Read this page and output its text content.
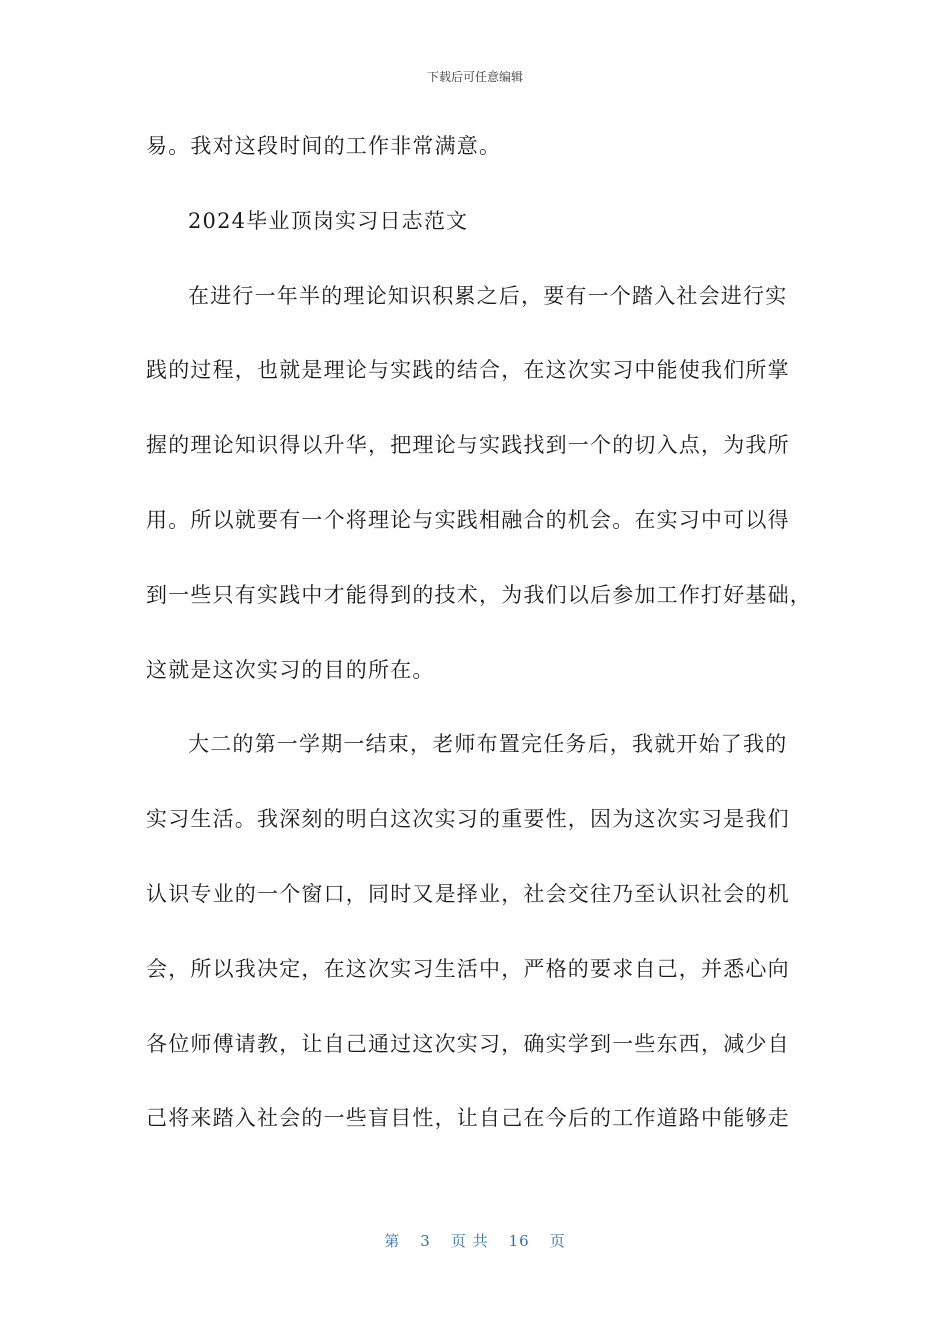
下载后可任意编辑
易。我对这段时间的工作非常满意。
2024毕业顶岗实习日志范文
在进行一年半的理论知识积累之后，要有一个踏入社会进行实
践的过程，也就是理论与实践的结合，在这次实习中能使我们所掌
握的理论知识得以升华，把理论与实践找到一个的切入点，为我所
用。所以就要有一个将理论与实践相融合的机会。在实习中可以得
到一些只有实践中才能得到的技术，为我们以后参加工作打好基础，
这就是这次实习的目的所在。
大二的第一学期一结束，老师布置完任务后，我就开始了我的
实习生活。我深刻的明白这次实习的重要性，因为这次实习是我们
认识专业的一个窗口，同时又是择业，社会交往乃至认识社会的机
会，所以我决定，在这次实习生活中，严格的要求自己，并悉心向
各位师傅请教，让自己通过这次实习，确实学到一些东西，减少自
己将来踏入社会的一些盲目性，让自己在今后的工作道路中能够走
第 3 页 共 16 页
